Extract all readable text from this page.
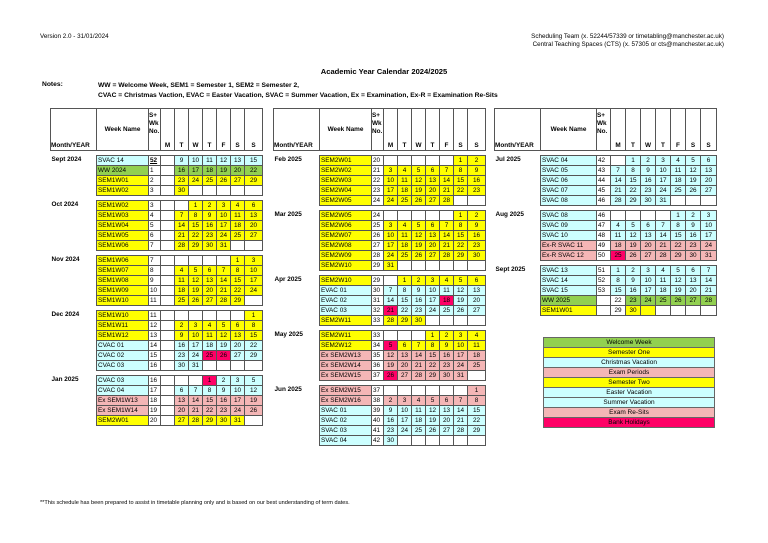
Version 2.0 - 31/01/2024	Scheduling Team (x. 52244/57339 or timetabling@manchester.ac.uk)
Central Teaching Spaces (CTS) (x. 57305 or cts@manchester.ac.uk)
Academic Year Calendar 2024/2025
Notes:	WW = Welcome Week, SEM1 = Semester 1, SEM2 = Semester 2,
CVAC = Christmas Vaction, EVAC = Easter Vacation, SVAC = Summer Vacation, Ex = Examination, Ex-R = Examination Re-Sits
Month/YEAR	Week Name	S+
Wk
No.	M	T	W	T	F	S	S

Sept 2024	SVAC 14	52		9	10	11	12	13	15
	WW 2024	1		16	17	18	19	20	22
	SEM1W01	2		23	24	25	26	27	29
	SEM1W02	3		30					

Oct 2024	SEM1W02	3			1	2	3	4	6
	SEM1W03	4		7	8	9	10	11	13
	SEM1W04	5		14	15	16	17	18	20
	SEM1W05	6		21	22	23	24	25	27
	SEM1W06	7		28	29	30	31		

Nov 2024	SEM1W06	7						1	3
	SEM1W07	8		4	5	6	7	8	10
	SEM1W08	9		11	12	13	14	15	17
	SEM1W09	10		18	19	20	21	22	24
	SEM1W10	11		25	26	27	28	29	

Dec 2024	SEM1W10	11							1
	SEM1W11	12		2	3	4	5	6	8
	SEM1W12	13		9	10	11	12	13	15
	CVAC 01	14		16	17	18	19	20	22
	CVAC 02	15		23	24	25	26	27	29
	CVAC 03	16		30	31				

Jan 2025	CVAC 03	16				1	2	3	5
	CVAC 04	17		6	7	8	9	10	12
	Ex SEM1W13	18		13	14	15	16	17	19
	Ex SEM1W14	19		20	21	22	23	24	26
	SEM2W01	20		27	28	29	30	31	
Month/YEAR	Week Name	S+
Wk
No.	M	T	W	T	F	S	S

Feb 2025	SEM2W01	20						1	2
	SEM2W02	21	3	4	5	6	7	8	9
	SEM2W03	22	10	11	12	13	14	15	16
	SEM2W04	23	17	18	19	20	21	22	23
	SEM2W05	24	24	25	26	27	28		

Mar 2025	SEM2W05	24						1	2
	SEM2W06	25	3	4	5	6	7	8	9
	SEM2W07	26	10	11	12	13	14	15	16
	SEM2W08	27	17	18	19	20	21	22	23
	SEM2W09	28	24	25	26	27	28	29	30
	SEM2W10	29	31						

Apr 2025	SEM2W10	29		1	2	3	4	5	6
	EVAC 01	30	7	8	9	10	11	12	13
	EVAC 02	31	14	15	16	17	18	19	20
	EVAC 03	32	21	22	23	24	25	26	27
	SEM2W11	33	28	29	30				

May 2025	SEM2W11	33				1	2	3	4
	SEM2W12	34	5	6	7	8	9	10	11
	Ex SEM2W13	35	12	13	14	15	16	17	18
	Ex SEM2W14	36	19	20	21	22	23	24	25
	Ex SEM2W15	37	26	27	28	29	30	31	

Jun 2025	Ex SEM2W15	37							1
	Ex SEM2W16	38	2	3	4	5	6	7	8
	SVAC 01	39	9	10	11	12	13	14	15
	SVAC 02	40	16	17	18	19	20	21	22
	SVAC 03	41	23	24	25	26	27	28	29
	SVAC 04	42	30						
Month/YEAR	Week Name	S+
Wk
No.	M	T	W	T	F	S	S

Jul 2025	SVAC 04	42		1	2	3	4	5	6
	SVAC 05	43	7	8	9	10	11	12	13
	SVAC 06	44	14	15	16	17	18	19	20
	SVAC 07	45	21	22	23	24	25	26	27
	SVAC 08	46	28	29	30	31			

Aug 2025	SVAC 08	46					1	2	3
	SVAC 09	47	4	5	6	7	8	9	10
	SVAC 10	48	11	12	13	14	15	16	17
	Ex-R SVAC 11	49	18	19	20	21	22	23	24
	Ex-R SVAC 12	50	25	26	27	28	29	30	31

Sept 2025	SVAC 13	51	1	2	3	4	5	6	7
	SVAC 14	52	8	9	10	11	12	13	14
	SVAC 15	53	15	16	17	18	19	20	21
	WW 2025		22	23	24	25	26	27	28
	SEM1W01		29	30					
Welcome Week
Semester One
Christmas Vacation
Exam Periods
Semester Two
Easter Vacation
Summer Vacation
Exam Re-Sits
Bank Holidays
**This schedule has been prepared to assist in timetable planning only and is based on our best understanding of term dates.
